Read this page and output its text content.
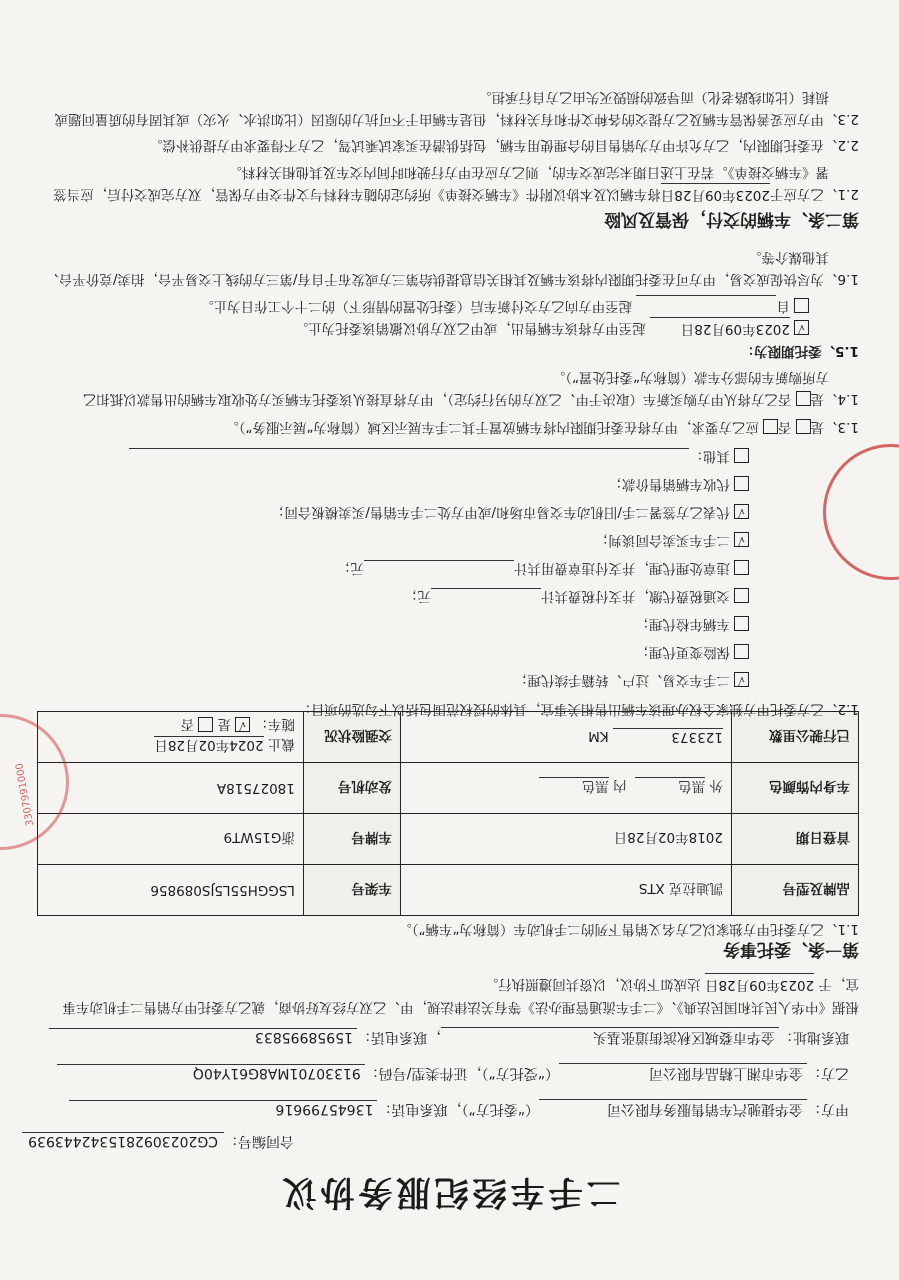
二手车经纪服务协议
合同编号：CG2023092815342443939
甲方：金华捷驰汽车销售服务有限公司（“委托方”），联系电话：13645799616
乙方：金华市湘上精品有限公司（“受托方”），证件类型/号码：91330701MA8G61Y40Q
联系地址：金华市婺城区秋滨街道张基头，联系电话：15958995833
根据《中华人民共和国民法典》、《二手车流通管理办法》等有关法律法规，甲、乙双方经友好协商，就乙方委托甲方销售二手机动车事
宜，于 2023年09月28日 达成如下协议，以资共同遵照执行。
第一条、委托事务
1.1、乙方委托甲方独家以乙方名义销售下列的二手机动车（简称为“车辆”）。
品牌及型号	凯迪拉克 XTS	车架号	LSGGH55L5JS089856
首登日期	2018年02月28日	车牌号	浙G15WT9
车身内饰颜色	外 黑色  内 黑色	发动机号	18027518A
已行驶公里数	123373 KM	交强险状况	截止 2024年02月28日
随车： √是 否
1.2、乙方委托甲方独家全权办理该车辆出售相关事宜，具体的授权范围包括以下勾选的项目：
√二手车交易、过户、转籍手续代理；
保险变更代理；
车辆年检代理；
交通税费代缴，并支付税费共计元；
违章处理代理，并支付违章费用共计元；
√二手车买卖合同谈判；
√代表乙方签署二手/旧机动车交易市场和/或甲方处二手车销售/买卖模板合同；
代收车辆销售价款；
其他：
1.3、是否应乙方要求，甲方将在委托期限内将车辆放置于其二手车展示区域（简称为“展示服务”）。
1.4、是否乙方将从甲方购买新车（取决于甲、乙双方的另行约定），甲方将直接从该委托车辆买方处收取车辆的出售款以抵扣乙
方所购新车的部分车款（简称为“委托处置”）。
1.5、委托期限为：
√2023年09月28日 起至甲方将该车辆售出，或甲乙双方协议撤销该委托为止。
自 起至甲方向乙方交付新车后（委托处置的情形下）的二十个工作日为止。
1.6、为尽快促成交易，甲方可在委托期限内将该车辆及其相关信息提供给第三方或发布于自有/第三方的线上交易平台，拍卖/竞价平台、
其他媒介等。
第二条、车辆的交付，保管及风险
2.1、乙方应于2023年09月28日将车辆以及本协议附件《车辆交接单》所约定的随车材料与文件交甲方保管，双方完成交付后，应当签
署《车辆交接单》。若在上述日期未完成交车的，则乙方应在甲方行驶和时间内交车及其他相关材料。
2.2、在委托期限内，乙方允许甲方为销售目的合理使用车辆，包括供潜在买家试乘试驾，乙方不得要求甲方提供补偿。
2.3、甲方应妥善保管车辆及乙方提交的各种文件和有关材料，但是车辆由于不可抗力的原因（比如洪水、火灾）或其固有的质量问题或
损耗（比如线路老化）而导致的损毁灭失由乙方自行承担。
3307991000
